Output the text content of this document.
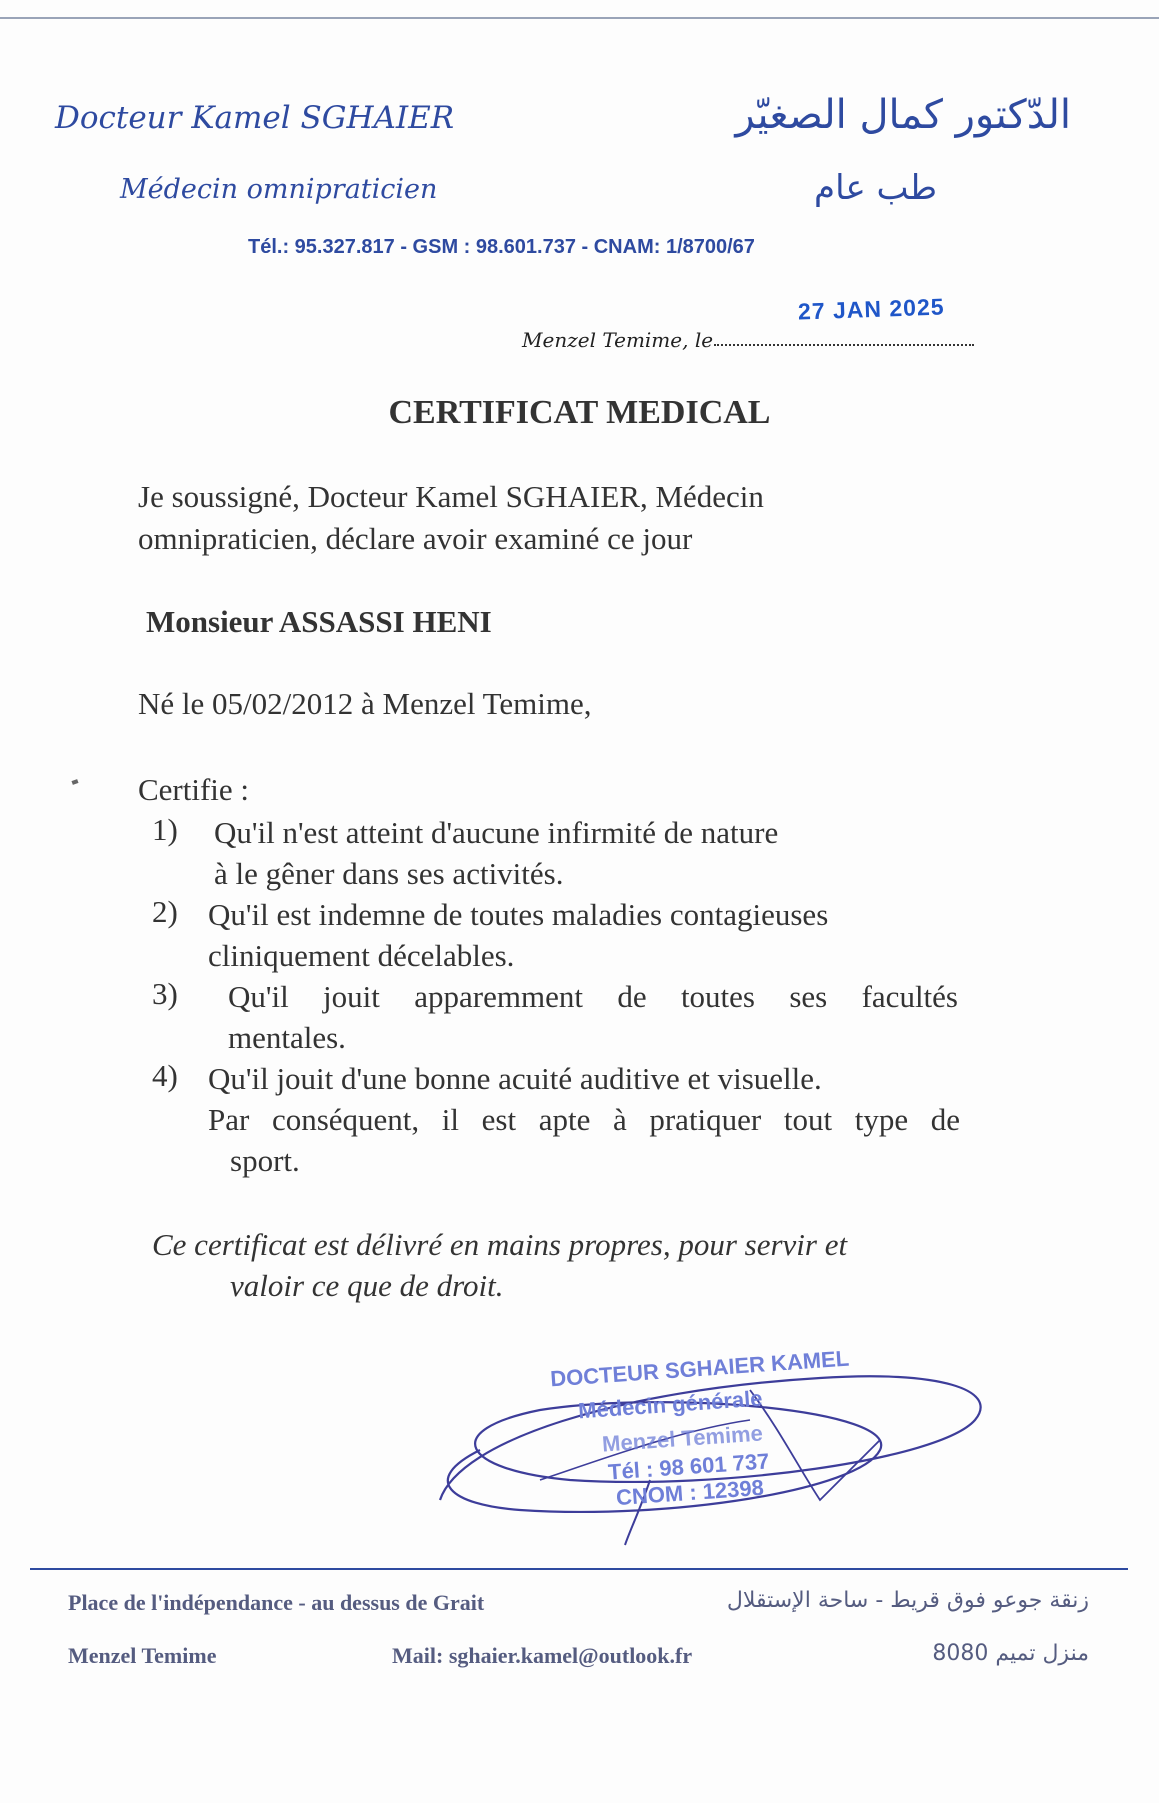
Docteur Kamel SGHAIER
Médecin omnipraticien
الدّكتور كمال الصغيّر
طب عام
Tél.: 95.327.817 - GSM : 98.601.737 - CNAM: 1/8700/67
27 JAN 2025
Menzel Temime, le
CERTIFICAT MEDICAL
Je soussigné, Docteur Kamel SGHAIER, Médecin
omnipraticien, déclare avoir examiné ce jour
Monsieur ASSASSI HENI
Né le 05/02/2012 à Menzel Temime,
Certifie :
1)	Qu'il n'est atteint d'aucune infirmité de nature
à le gêner dans ses activités.
2) Qu'il est indemne de toutes maladies contagieuses
cliniquement décelables.
3)	Qu'il jouit apparemment de toutes ses facultés
mentales.
4) Qu'il jouit d'une bonne acuité auditive et visuelle.
Par conséquent, il est apte à pratiquer tout type de
sport.
Ce certificat est délivré en mains propres, pour servir et
valoir ce que de droit.
DOCTEUR SGHAIER KAMEL
Médecin générale
Menzel Temime
Tél : 98 601 737
CNOM : 12398
Place de l'indépendance - au dessus de Grait
Menzel Temime	Mail: sghaier.kamel@outlook.fr
زنقة جوعو فوق قريط - ساحة الإستقلال
منزل تميم 8080
